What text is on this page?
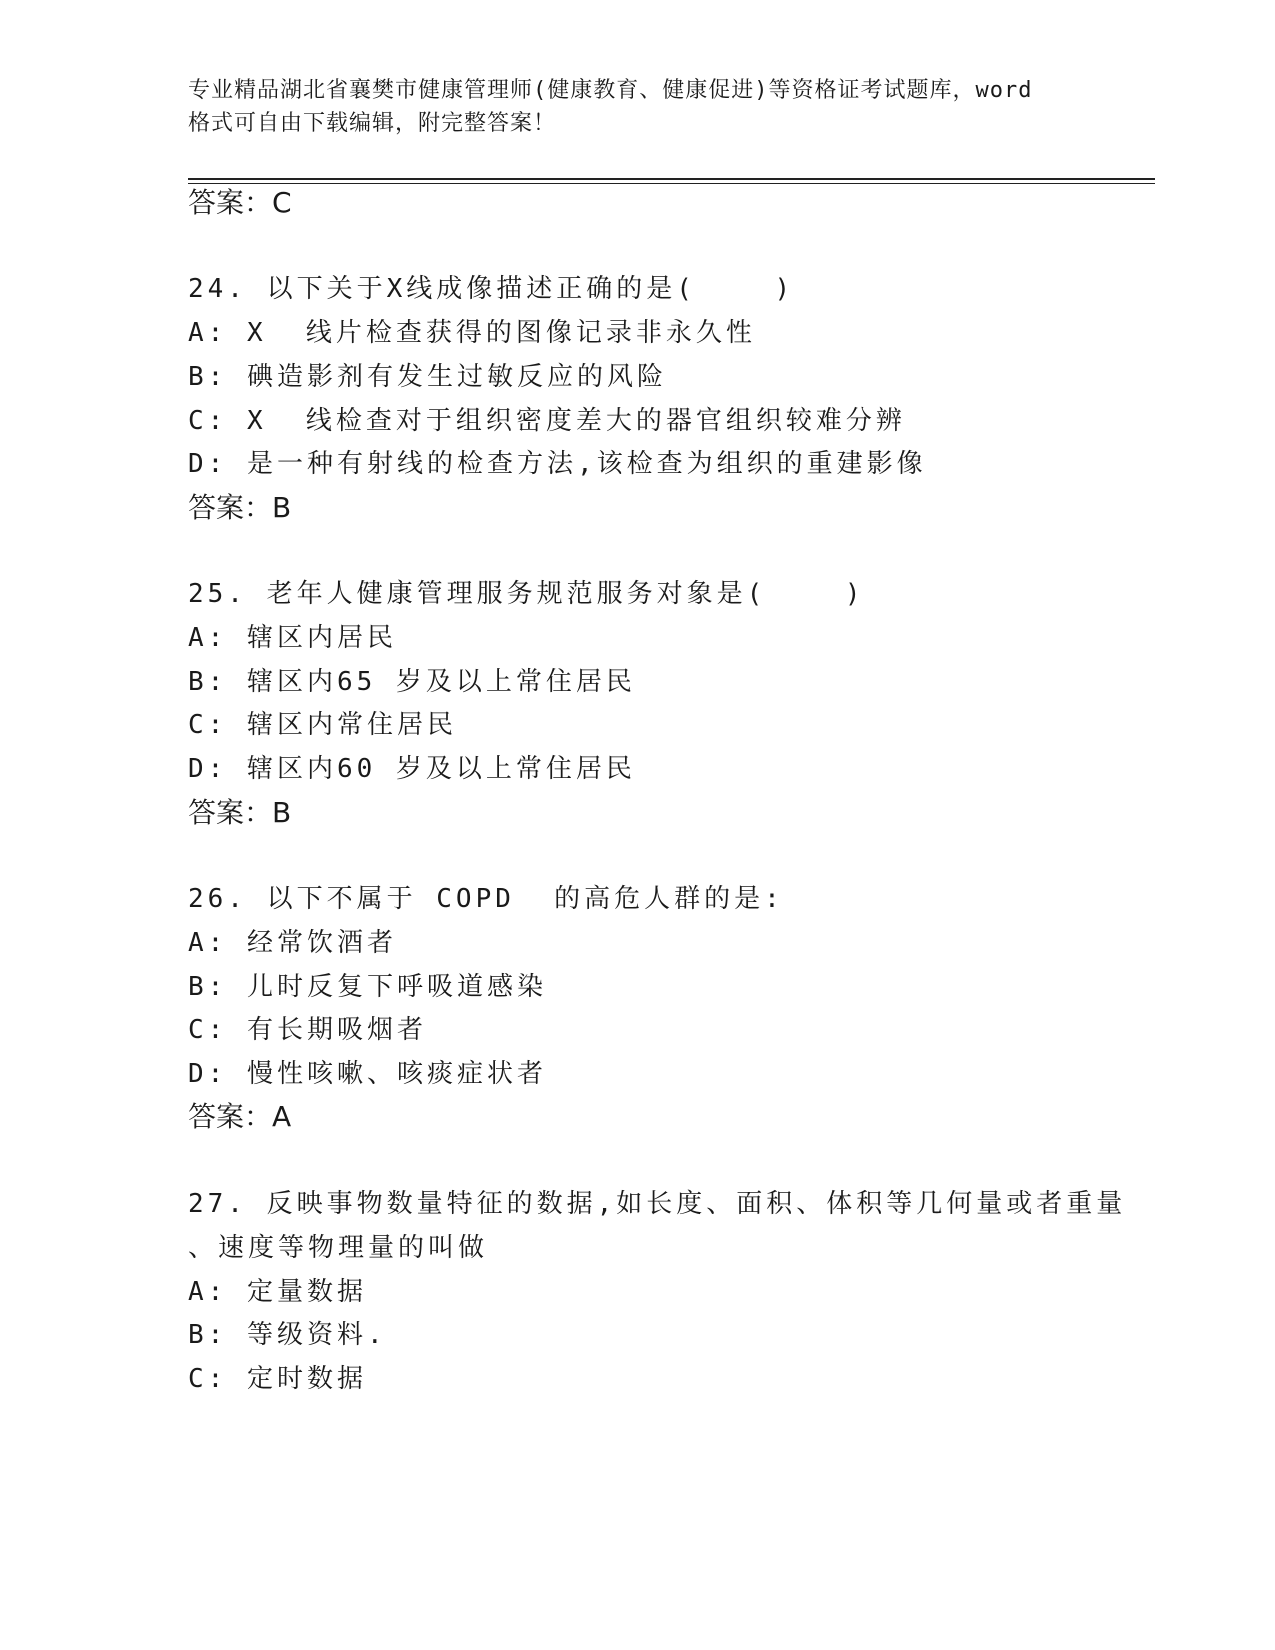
专业精品湖北省襄樊市健康管理师(健康教育、健康促进)等资格证考试题库，word
格式可自由下载编辑，附完整答案！
答案：C
24. 以下关于X线成像描述正确的是(    )
A: X  线片检查获得的图像记录非永久性
B: 碘造影剂有发生过敏反应的风险
C: X  线检查对于组织密度差大的器官组织较难分辨
D: 是一种有射线的检查方法,该检查为组织的重建影像
答案：B
25. 老年人健康管理服务规范服务对象是(    )
A: 辖区内居民
B: 辖区内65 岁及以上常住居民
C: 辖区内常住居民
D: 辖区内60 岁及以上常住居民
答案：B
26. 以下不属于 COPD  的高危人群的是:
A: 经常饮酒者
B: 儿时反复下呼吸道感染
C: 有长期吸烟者
D: 慢性咳嗽、咳痰症状者
答案：A
27. 反映事物数量特征的数据,如长度、面积、体积等几何量或者重量
、速度等物理量的叫做
A: 定量数据
B: 等级资料.
C: 定时数据
